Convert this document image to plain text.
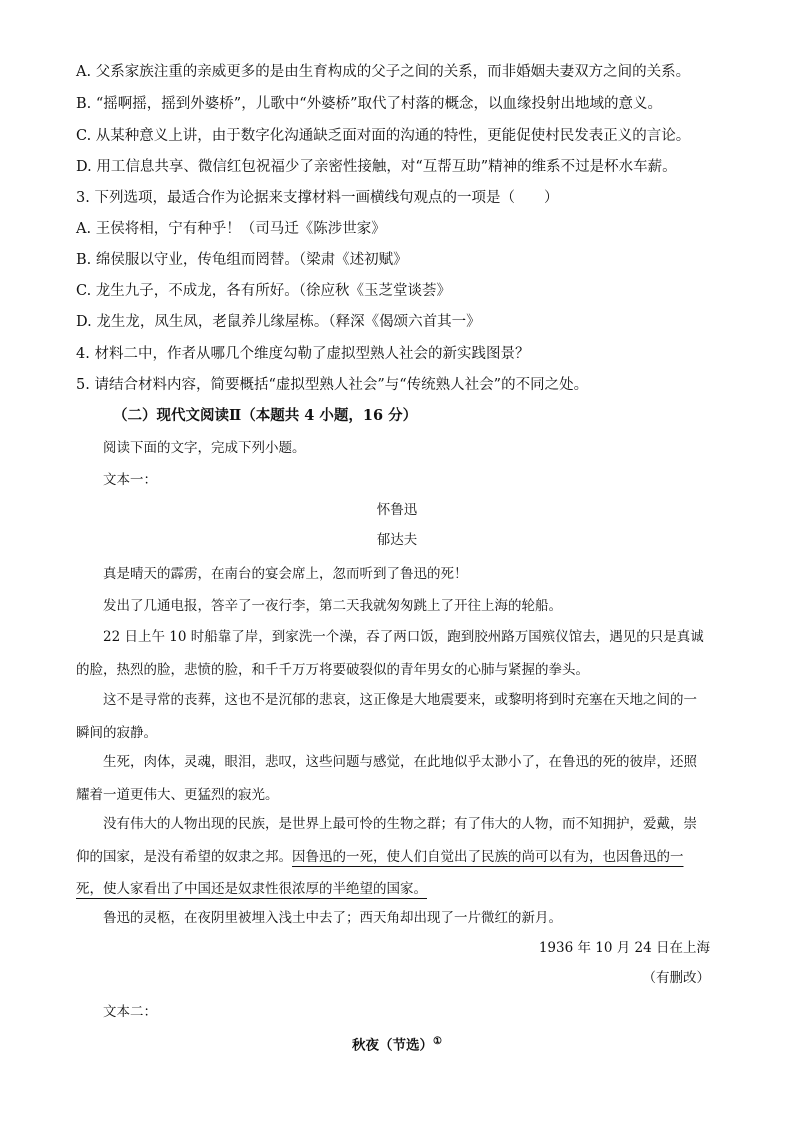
A. 父系家族注重的亲威更多的是由生育构成的父子之间的关系，而非婚姻夫妻双方之间的关系。
B. “摇啊摇，摇到外婆桥”，儿歌中“外婆桥”取代了村落的概念，以血缘投射出地域的意义。
C. 从某种意义上讲，由于数字化沟通缺乏面对面的沟通的特性，更能促使村民发表正义的言论。
D. 用工信息共享、微信红包祝福少了亲密性接触，对“互帮互助”精神的维系不过是杯水车薪。
3. 下列选项，最适合作为论据来支撑材料一画横线句观点的一项是（　　）
A. 王侯将相，宁有种乎！（司马迁《陈涉世家》
B. 绵侯服以守业，传龟组而罔替。（梁肃《述初赋》
C. 龙生九子，不成龙，各有所好。（徐应秋《玉芝堂谈荟》
D. 龙生龙，凤生凤，老鼠养儿缘屋栋。（释深《偈颂六首其一》
4. 材料二中，作者从哪几个维度勾勒了虚拟型熟人社会的新实践图景？
5. 请结合材料内容，简要概括“虚拟型熟人社会”与“传统熟人社会”的不同之处。
（二）现代文阅读Ⅱ（本题共 4 小题，16 分）
阅读下面的文字，完成下列小题。
文本一：
怀鲁迅
郁达夫

真是晴天的霹雳，在南台的宴会席上，忽而听到了鲁迅的死！

发出了几通电报，答辛了一夜行李，第二天我就匆匆跳上了开往上海的轮船。

22 日上午 10 时船靠了岸，到家洗一个澡，吞了两口饭，跑到胶州路万国殡仪馆去，遇见的只是真诚的脸，热烈的脸，悲愤的脸，和千千万万将要破裂似的青年男女的心肺与紧握的拳头。

这不是寻常的丧葬，这也不是沉郁的悲哀，这正像是大地震要来，或黎明将到时充塞在天地之间的一瞬间的寂静。

生死，肉体，灵魂，眼泪，悲叹，这些问题与感觉，在此地似乎太渺小了，在鲁迅的死的彼岸，还照耀着一道更伟大、更猛烈的寂光。

没有伟大的人物出现的民族，是世界上最可怜的生物之群；有了伟大的人物，而不知拥护，爱戴，崇仰的国家，是没有希望的奴隶之邦。因鲁迅的一死，使人们自觉出了民族的尚可以有为，也因鲁迅的一死，使人家看出了中国还是奴隶性很浓厚的半绝望的国家。

鲁迅的灵柩，在夜阴里被埋入浅土中去了；西天角却出现了一片微红的新月。

1936 年 10 月 24 日在上海
（有删改）
文本二：
秋夜（节选）①
